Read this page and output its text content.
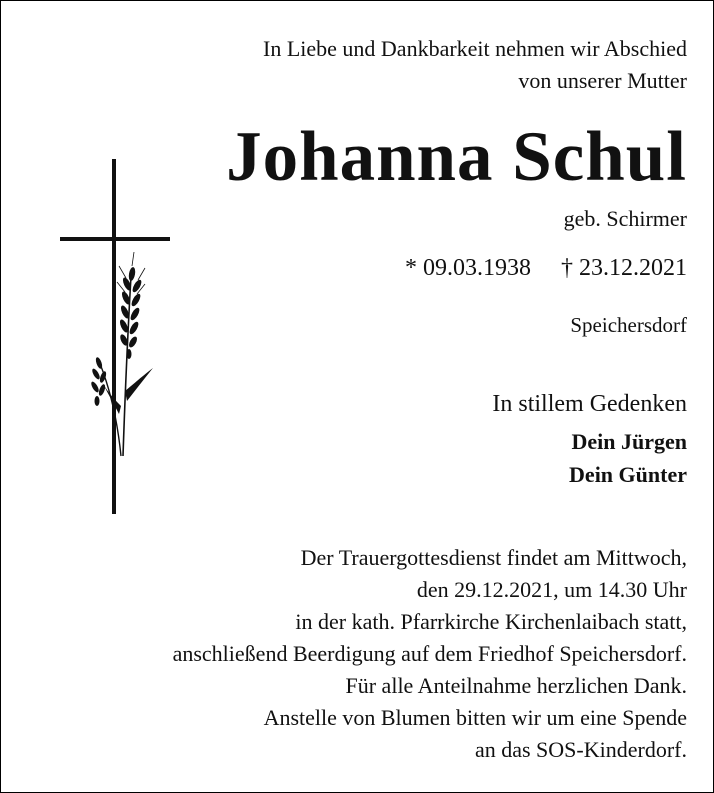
In Liebe und Dankbarkeit nehmen wir Abschied
von unserer Mutter
Johanna Schul
geb. Schirmer
* 09.03.1938 † 23.12.2021
Speichersdorf
In stillem Gedenken
Dein Jürgen
Dein Günter
Der Trauergottesdienst findet am Mittwoch,
den 29.12.2021, um 14.30 Uhr
in der kath. Pfarrkirche Kirchenlaibach statt,
anschließend Beerdigung auf dem Friedhof Speichersdorf.
Für alle Anteilnahme herzlichen Dank.
Anstelle von Blumen bitten wir um eine Spende
an das SOS-Kinderdorf.
